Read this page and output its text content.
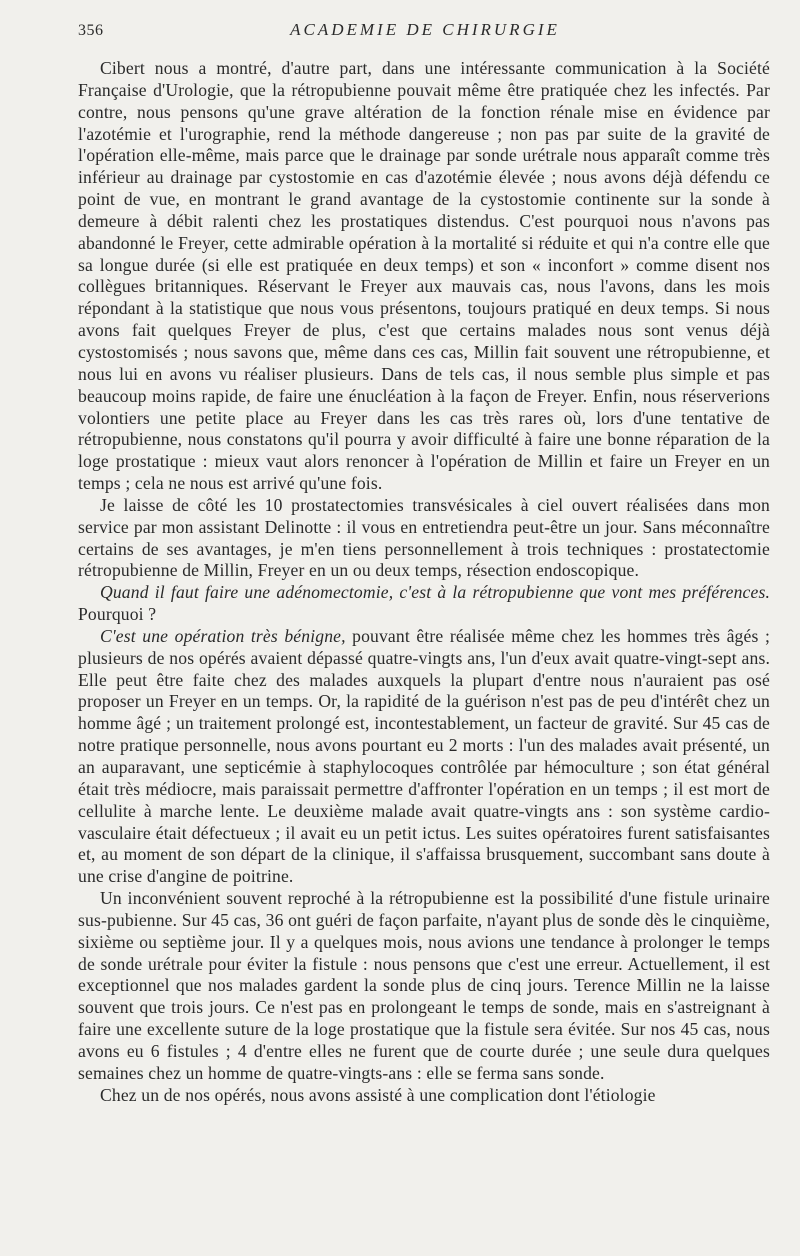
356	ACADEMIE DE CHIRURGIE

Cibert nous a montré, d'autre part, dans une intéressante communication à la Société Française d'Urologie, que la rétropubienne pouvait même être pratiquée chez les infectés. Par contre, nous pensons qu'une grave altération de la fonction rénale mise en évidence par l'azotémie et l'urographie, rend la méthode dangereuse ; non pas par suite de la gravité de l'opération elle-même, mais parce que le drainage par sonde urétrale nous apparaît comme très inférieur au drainage par cystostomie en cas d'azotémie élevée ; nous avons déjà défendu ce point de vue, en montrant le grand avantage de la cystostomie continente sur la sonde à demeure à débit ralenti chez les prostatiques distendus. C'est pourquoi nous n'avons pas abandonné le Freyer, cette admirable opération à la mortalité si réduite et qui n'a contre elle que sa longue durée (si elle est pratiquée en deux temps) et son « inconfort » comme disent nos collègues britanniques. Réservant le Freyer aux mauvais cas, nous l'avons, dans les mois répondant à la statistique que nous vous présentons, toujours pratiqué en deux temps. Si nous avons fait quelques Freyer de plus, c'est que certains malades nous sont venus déjà cystostomisés ; nous savons que, même dans ces cas, Millin fait souvent une rétropubienne, et nous lui en avons vu réaliser plusieurs. Dans de tels cas, il nous semble plus simple et pas beaucoup moins rapide, de faire une énucléation à la façon de Freyer. Enfin, nous réserverions volontiers une petite place au Freyer dans les cas très rares où, lors d'une tentative de rétropubienne, nous constatons qu'il pourra y avoir difficulté à faire une bonne réparation de la loge prostatique : mieux vaut alors renoncer à l'opération de Millin et faire un Freyer en un temps ; cela ne nous est arrivé qu'une fois.

Je laisse de côté les 10 prostatectomies transvésicales à ciel ouvert réalisées dans mon service par mon assistant Delinotte : il vous en entretiendra peut-être un jour. Sans méconnaître certains de ses avantages, je m'en tiens personnellement à trois techniques : prostatectomie rétropubienne de Millin, Freyer en un ou deux temps, résection endoscopique.

Quand il faut faire une adénomectomie, c'est à la rétropubienne que vont mes préférences. Pourquoi ?

C'est une opération très bénigne, pouvant être réalisée même chez les hommes très âgés ; plusieurs de nos opérés avaient dépassé quatre-vingts ans, l'un d'eux avait quatre-vingt-sept ans. Elle peut être faite chez des malades auxquels la plupart d'entre nous n'auraient pas osé proposer un Freyer en un temps. Or, la rapidité de la guérison n'est pas de peu d'intérêt chez un homme âgé ; un traitement prolongé est, incontestablement, un facteur de gravité. Sur 45 cas de notre pratique personnelle, nous avons pourtant eu 2 morts : l'un des malades avait présenté, un an auparavant, une septicémie à staphylocoques contrôlée par hémoculture ; son état général était très médiocre, mais paraissait permettre d'affronter l'opération en un temps ; il est mort de cellulite à marche lente. Le deuxième malade avait quatre-vingts ans : son système cardio-vasculaire était défectueux ; il avait eu un petit ictus. Les suites opératoires furent satisfaisantes et, au moment de son départ de la clinique, il s'affaissa brusquement, succombant sans doute à une crise d'angine de poitrine.

Un inconvénient souvent reproché à la rétropubienne est la possibilité d'une fistule urinaire sus-pubienne. Sur 45 cas, 36 ont guéri de façon parfaite, n'ayant plus de sonde dès le cinquième, sixième ou septième jour. Il y a quelques mois, nous avions une tendance à prolonger le temps de sonde urétrale pour éviter la fistule : nous pensons que c'est une erreur. Actuellement, il est exceptionnel que nos malades gardent la sonde plus de cinq jours. Terence Millin ne la laisse souvent que trois jours. Ce n'est pas en prolongeant le temps de sonde, mais en s'astreignant à faire une excellente suture de la loge prostatique que la fistule sera évitée. Sur nos 45 cas, nous avons eu 6 fistules ; 4 d'entre elles ne furent que de courte durée ; une seule dura quelques semaines chez un homme de quatre-vingts-ans : elle se ferma sans sonde.

Chez un de nos opérés, nous avons assisté à une complication dont l'étiologie
